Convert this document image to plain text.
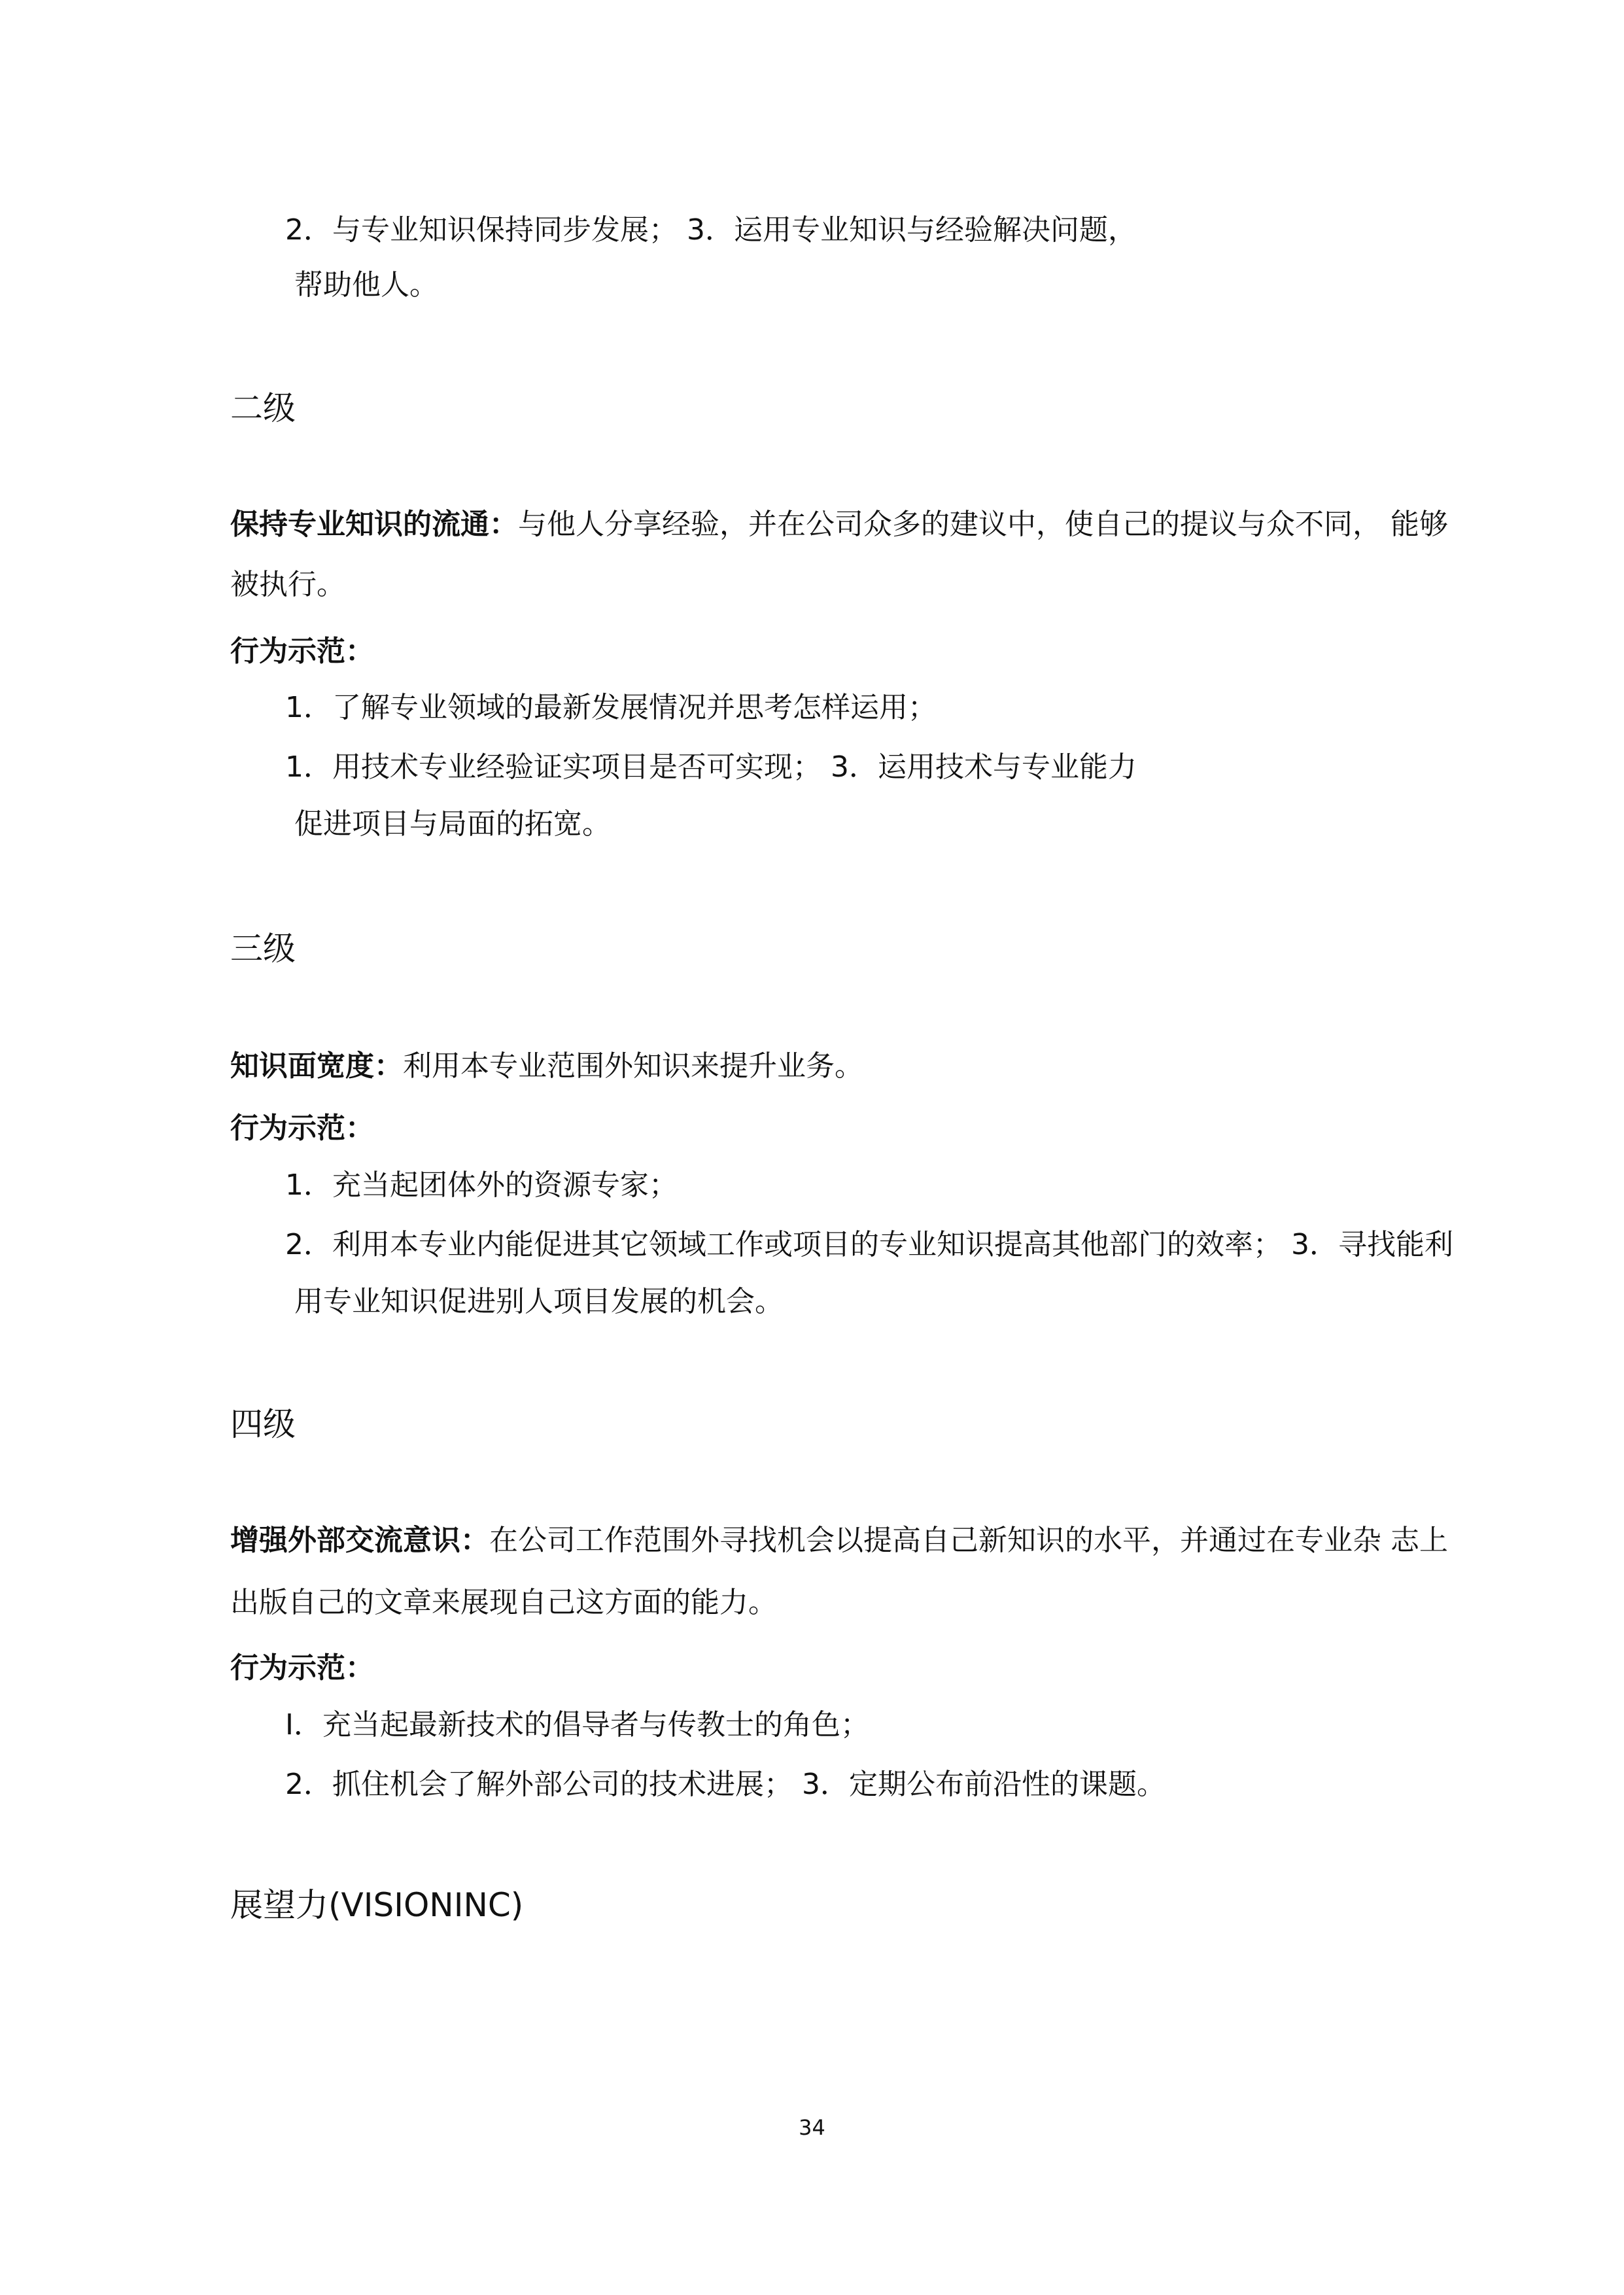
2．与专业知识保持同步发展； 3．运用专业知识与经验解决问题，
帮助他人。
二级
保持专业知识的流通：与他人分享经验，并在公司众多的建议中，使自己的提议与众不同， 能够
被执行。
行为示范：
1．了解专业领域的最新发展情况并思考怎样运用；
1．用技术专业经验证实项目是否可实现； 3．运用技术与专业能力
促进项目与局面的拓宽。
三级
知识面宽度：利用本专业范围外知识来提升业务。
行为示范：
1．充当起团体外的资源专家；
2．利用本专业内能促进其它领域工作或项目的专业知识提高其他部门的效率； 3．寻找能利
用专业知识促进别人项目发展的机会。
四级
增强外部交流意识：在公司工作范围外寻找机会以提高自己新知识的水平，并通过在专业杂 志上
出版自己的文章来展现自己这方面的能力。
行为示范：
I．充当起最新技术的倡导者与传教士的角色；
2．抓住机会了解外部公司的技术进展； 3．定期公布前沿性的课题。
展望力(VISIONINC)
34
